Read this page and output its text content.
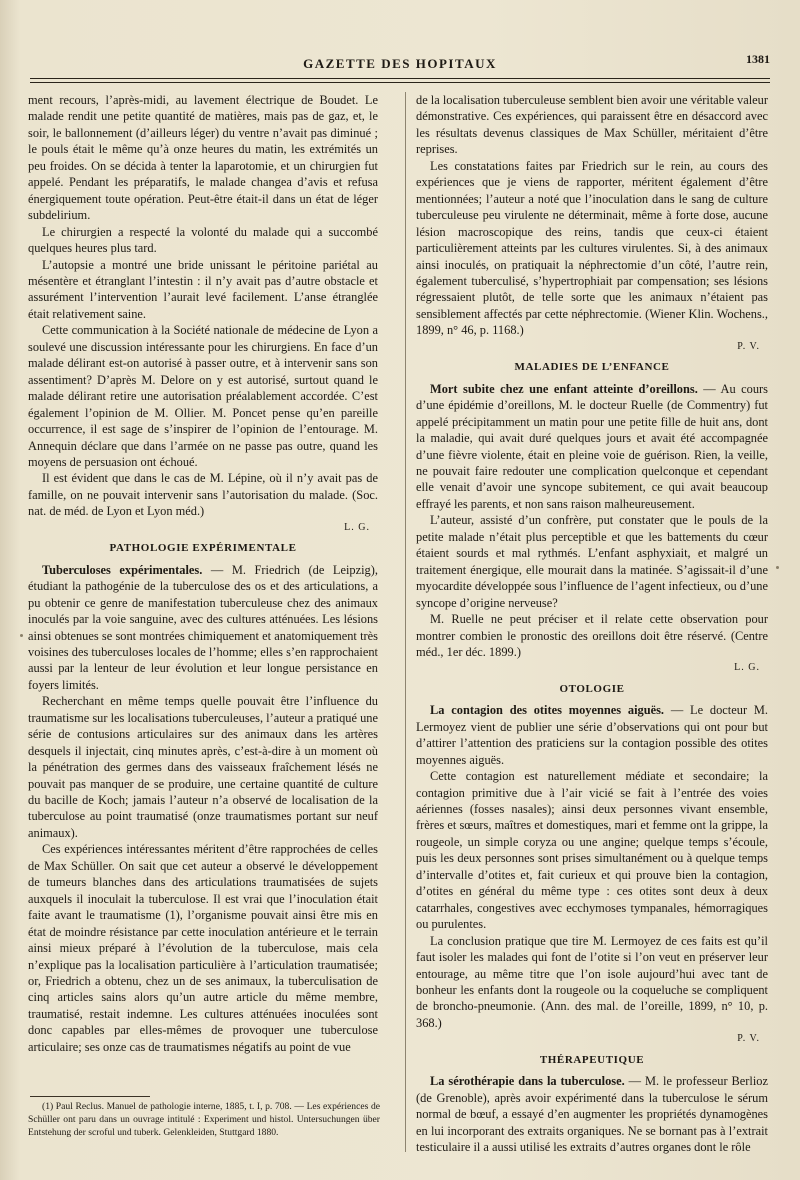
GAZETTE DES HOPITAUX	1381

ment recours, l’après-midi, au lavement électrique de Boudet. Le malade rendit une petite quantité de matières, mais pas de gaz, et, le soir, le ballonnement (d’ailleurs léger) du ventre n’avait pas diminué ; le pouls était le même qu’à onze heures du matin, les extrémités un peu froides. On se décida à tenter la laparotomie, et un chirurgien fut appelé. Pendant les préparatifs, le malade changea d’avis et refusa énergiquement toute opération. Peut-être était-il dans un état de léger subdelirium.

Le chirurgien a respecté la volonté du malade qui a succombé quelques heures plus tard.

L’autopsie a montré une bride unissant le péritoine pariétal au mésentère et étranglant l’intestin : il n’y avait pas d’autre obstacle et assurément l’intervention l’aurait levé facilement. L’anse étranglée était relativement saine.

Cette communication à la Société nationale de médecine de Lyon a soulevé une discussion intéressante pour les chirurgiens. En face d’un malade délirant est-on autorisé à passer outre, et à intervenir sans son assentiment? D’après M. Delore on y est autorisé, surtout quand le malade délirant retire une autorisation préalablement accordée. C’est également l’opinion de M. Ollier. M. Poncet pense qu’en pareille occurrence, il est sage de s’inspirer de l’opinion de l’entourage. M. Annequin déclare que dans l’armée on ne passe pas outre, quand les moyens de persuasion ont échoué.

Il est évident que dans le cas de M. Lépine, où il n’y avait pas de famille, on ne pouvait intervenir sans l’autorisation du malade. (Soc. nat. de méd. de Lyon et Lyon méd.)

L. G.

PATHOLOGIE EXPÉRIMENTALE

Tuberculoses expérimentales. — M. Friedrich (de Leipzig), étudiant la pathogénie de la tuberculose des os et des articulations, a pu obtenir ce genre de manifestation tuberculeuse chez des animaux inoculés par la voie sanguine, avec des cultures atténuées. Les lésions ainsi obtenues se sont montrées chimiquement et anatomiquement très voisines des tuberculoses locales de l’homme; elles s’en rapprochaient aussi par la lenteur de leur évolution et leur longue persistance en foyers limités.

Recherchant en même temps quelle pouvait être l’influence du traumatisme sur les localisations tuberculeuses, l’auteur a pratiqué une série de contusions articulaires sur des animaux dans les artères desquels il injectait, cinq minutes après, c’est-à-dire à un moment où la pénétration des germes dans des vaisseaux fraîchement lésés ne pouvait pas manquer de se produire, une certaine quantité de culture du bacille de Koch; jamais l’auteur n’a observé de localisation de la tuberculose au point traumatisé (onze traumatismes portant sur neuf animaux).

Ces expériences intéressantes méritent d’être rapprochées de celles de Max Schüller. On sait que cet auteur a observé le développement de tumeurs blanches dans des articulations traumatisées de sujets auxquels il inoculait la tuberculose. Il est vrai que l’inoculation était faite avant le traumatisme (1), l’organisme pouvait ainsi être mis en état de moindre résistance par cette inoculation antérieure et le terrain ainsi mieux préparé à l’évolution de la tuberculose, mais cela n’explique pas la localisation particulière à l’articulation traumatisée; or, Friedrich a obtenu, chez un de ses animaux, la tuberculisation de cinq articles sains alors qu’un autre article du même membre, traumatisé, restait indemne. Les cultures atténuées inoculées sont donc capables par elles-mêmes de provoquer une tuberculose articulaire; ses onze cas de traumatismes négatifs au point de vue

(1) Paul Reclus. Manuel de pathologie interne, 1885, t. I, p. 708. — Les expériences de Schüller ont paru dans un ouvrage intitulé : Experiment und histol. Untersuchungen über Entstehung der scroful und tuberk. Gelenkleiden, Stuttgard 1880.

de la localisation tuberculeuse semblent bien avoir une véritable valeur démonstrative. Ces expériences, qui paraissent être en désaccord avec les résultats devenus classiques de Max Schüller, méritaient d’être reprises.

Les constatations faites par Friedrich sur le rein, au cours des expériences que je viens de rapporter, méritent également d’être mentionnées; l’auteur a noté que l’inoculation dans le sang de culture tuberculeuse peu virulente ne déterminait, même à forte dose, aucune lésion macroscopique des reins, tandis que ceux-ci étaient particulièrement atteints par les cultures virulentes. Si, à des animaux ainsi inoculés, on pratiquait la néphrectomie d’un côté, l’autre rein, également tuberculisé, s’hypertrophiait par compensation; ses lésions régressaient plutôt, de telle sorte que les animaux n’étaient pas sensiblement affectés par cette néphrectomie. (Wiener Klin. Wochens., 1899, n° 46, p. 1168.)

P. V.

MALADIES DE L’ENFANCE

Mort subite chez une enfant atteinte d’oreillons. — Au cours d’une épidémie d’oreillons, M. le docteur Ruelle (de Commentry) fut appelé précipitamment un matin pour une petite fille de huit ans, dont la maladie, qui avait duré quelques jours et avait été accompagnée d’une fièvre violente, était en pleine voie de guérison. Rien, la veille, ne pouvait faire redouter une complication quelconque et cependant elle venait d’avoir une syncope subitement, ce qui avait beaucoup effrayé les parents, et non sans raison malheureusement.

L’auteur, assisté d’un confrère, put constater que le pouls de la petite malade n’était plus perceptible et que les battements du cœur étaient sourds et mal rythmés. L’enfant asphyxiait, et malgré un traitement énergique, elle mourait dans la matinée. S’agissait-il d’une myocardite développée sous l’influence de l’agent infectieux, ou d’une syncope d’origine nerveuse?

M. Ruelle ne peut préciser et il relate cette observation pour montrer combien le pronostic des oreillons doit être réservé. (Centre méd., 1er déc. 1899.)

L. G.

OTOLOGIE

La contagion des otites moyennes aiguës. — Le docteur M. Lermoyez vient de publier une série d’observations qui ont pour but d’attirer l’attention des praticiens sur la contagion possible des otites moyennes aiguës.

Cette contagion est naturellement médiate et secondaire; la contagion primitive due à l’air vicié se fait à l’entrée des voies aériennes (fosses nasales); ainsi deux personnes vivant ensemble, frères et sœurs, maîtres et domestiques, mari et femme ont la grippe, la rougeole, un simple coryza ou une angine; quelque temps s’écoule, puis les deux personnes sont prises simultanément ou à quelque temps d’intervalle d’otites et, fait curieux et qui prouve bien la contagion, d’otites en général du même type : ces otites sont deux à deux catarrhales, congestives avec ecchymoses tympanales, hémorragiques ou purulentes.

La conclusion pratique que tire M. Lermoyez de ces faits est qu’il faut isoler les malades qui font de l’otite si l’on veut en préserver leur entourage, au même titre que l’on isole aujourd’hui avec tant de bonheur les enfants dont la rougeole ou la coqueluche se compliquent de broncho-pneumonie. (Ann. des mal. de l’oreille, 1899, n° 10, p. 368.)

P. V.

THÉRAPEUTIQUE

La sérothérapie dans la tuberculose. — M. le professeur Berlioz (de Grenoble), après avoir expérimenté dans la tuberculose le sérum normal de bœuf, a essayé d’en augmenter les propriétés dynamogènes en lui incorporant des extraits organiques. Ne se bornant pas à l’extrait testiculaire il a aussi utilisé les extraits d’autres organes dont le rôle
